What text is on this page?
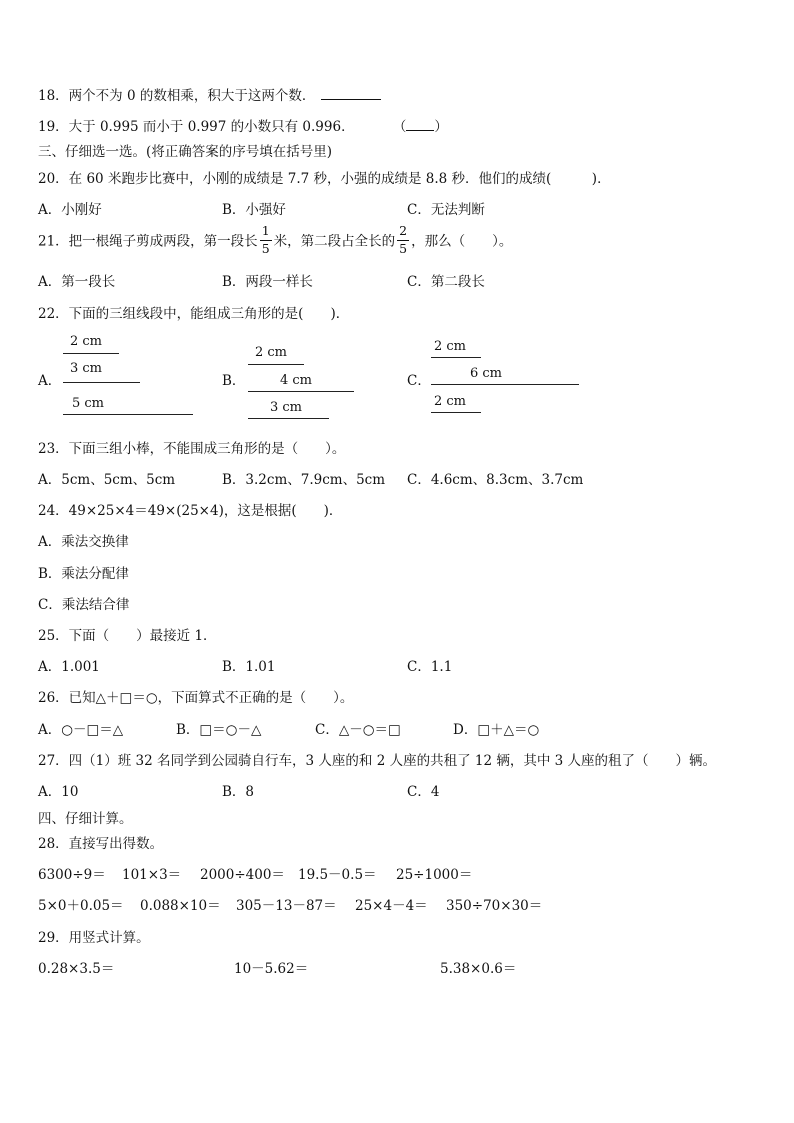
18．两个不为 0 的数相乘，积大于这两个数．
19．大于 0.995 而小于 0.997 的小数只有 0.996．	（ ）
三、仔细选一选。(将正确答案的序号填在括号里)
20．在 60 米跑步比赛中，小刚的成绩是 7.7 秒，小强的成绩是 8.8 秒．他们的成绩(　　　)．
A．小刚好	B．小强好	C．无法判断
21．把一根绳子剪成两段，第一段长 $\frac{1}{5}$ 米，第二段占全长的 $\frac{2}{5}$ ，那么（　　）。
A．第一段长	B．两段一样长	C．第二段长
22．下面的三组线段中，能组成三角形的是(　　)．
A．
2 cm
3 cm
5 cm
B．
2 cm
4 cm
3 cm
C．
2 cm
6 cm
2 cm
23．下面三组小棒，不能围成三角形的是（　　）。
A．5cm、5cm、5cm	B．3.2cm、7.9cm、5cm C．4.6cm、8.3cm、3.7cm
24．49×25×4＝49×(25×4)，这是根据(　　)．
A．乘法交换律
B．乘法分配律
C．乘法结合律
25．下面（　　）最接近 1．
A．1.001	B．1.01	C．1.1
26．已知△＋□＝○，下面算式不正确的是（　　）。
A．○－□＝△	B．□＝○－△	C．△－○＝□	D．□＋△＝○
27．四（1）班 32 名同学到公园骑自行车，3 人座的和 2 人座的共租了 12 辆，其中 3 人座的租了（　　）辆。
A．10	B．8	C．4
四、仔细计算。
28．直接写出得数。
6300÷9＝ 101×3＝ 2000÷400＝ 19.5－0.5＝ 25÷1000＝
5×0＋0.05＝ 0.088×10＝ 305－13－87＝ 25×4－4＝ 350÷70×30＝
29．用竖式计算。
0.28×3.5＝	10－5.62＝	5.38×0.6＝
